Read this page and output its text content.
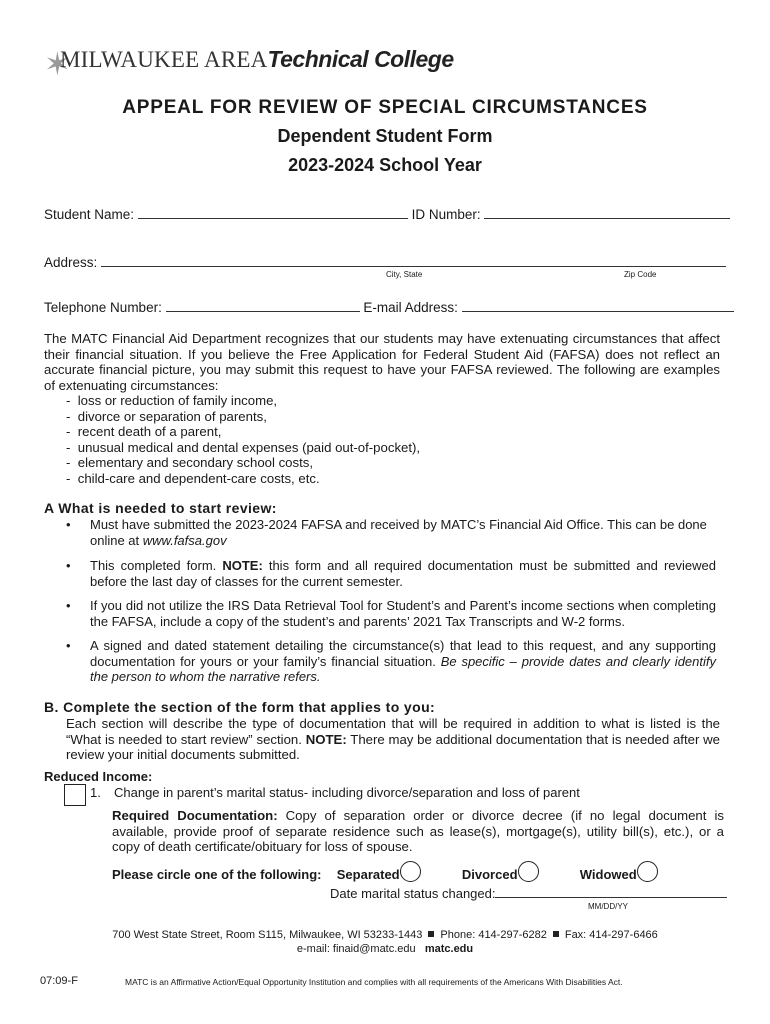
✶
MILWAUKEE AREATechnical College
APPEAL FOR REVIEW OF SPECIAL CIRCUMSTANCES
Dependent Student Form
2023-2024 School Year
Student Name:	ID Number:
Address:
City, State	Zip Code
Telephone Number:	E-mail Address:
The MATC Financial Aid Department recognizes that our students may have extenuating circumstances that affect their financial situation. If you believe the Free Application for Federal Student Aid (FAFSA) does not reflect an accurate financial picture, you may submit this request to have your FAFSA reviewed. The following are examples of extenuating circumstances:
-  loss or reduction of family income,
-  divorce or separation of parents,
-  recent death of a parent,
-  unusual medical and dental expenses (paid out-of-pocket),
-  elementary and secondary school costs,
-  child-care and dependent-care costs, etc.
A What is needed to start review:
• Must have submitted the 2023-2024 FAFSA and received by MATC’s Financial Aid Office. This can be done online at www.fafsa.gov
• This completed form. NOTE: this form and all required documentation must be submitted and reviewed before the last day of classes for the current semester.
• If you did not utilize the IRS Data Retrieval Tool for Student’s and Parent’s income sections when completing the FAFSA, include a copy of the student’s and parents’ 2021 Tax Transcripts and W-2 forms.
• A signed and dated statement detailing the circumstance(s) that lead to this request, and any supporting documentation for yours or your family’s financial situation. Be specific – provide dates and clearly identify the person to whom the narrative refers.
B. Complete the section of the form that applies to you:
Each section will describe the type of documentation that will be required in addition to what is listed is the “What is needed to start review” section. NOTE: There may be additional documentation that is needed after we review your initial documents submitted.
Reduced Income:
1. Change in parent’s marital status- including divorce/separation and loss of parent
Required Documentation: Copy of separation order or divorce decree (if no legal document is available, provide proof of separate residence such as lease(s), mortgage(s), utility bill(s), etc.), or a copy of death certificate/obituary for loss of spouse.
Please circle one of the following: Separated	Divorced	Widowed
Date marital status changed:
MM/DD/YY
700 West State Street, Room S115, Milwaukee, WI 53233-1443 Phone: 414-297-6282 Fax: 414-297-6466
e-mail: finaid@matc.edu matc.edu
07:09-F	MATC is an Affirmative Action/Equal Opportunity Institution and complies with all requirements of the Americans With Disabilities Act.
